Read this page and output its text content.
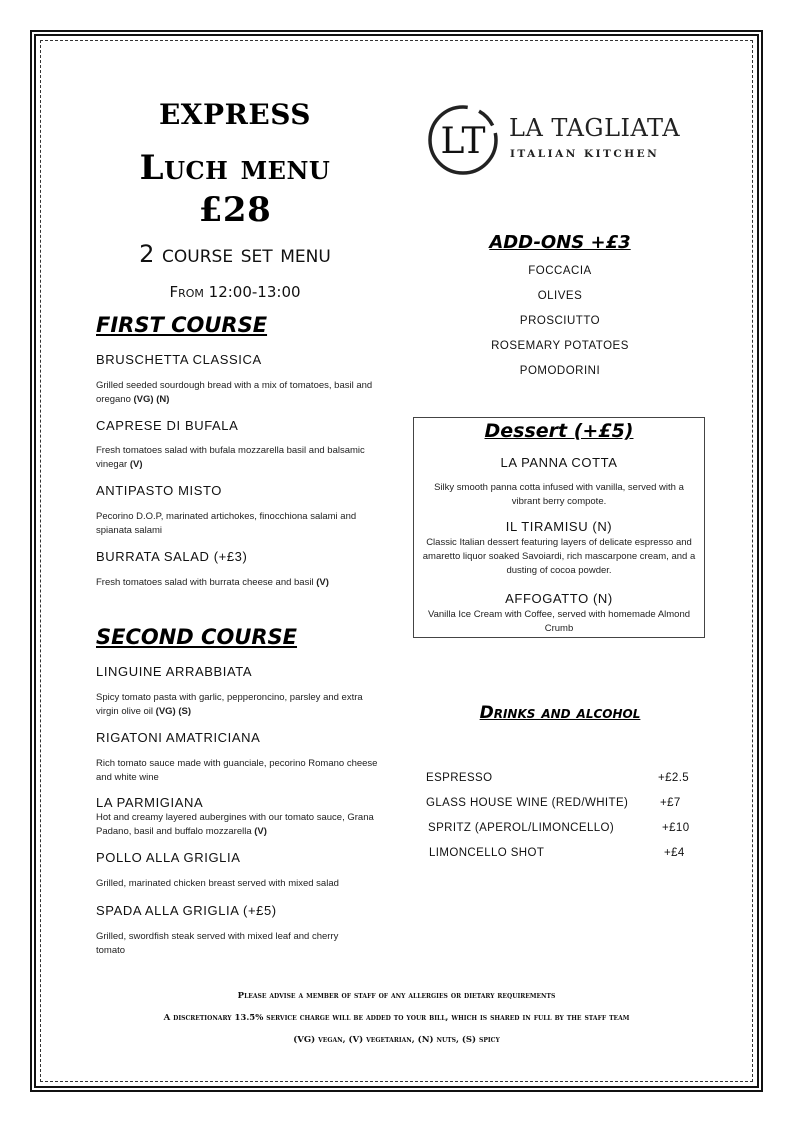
EXPRESS
Luch menu
£28
2 course set menu
From 12:00-13:00
LT LA TAGLIATA
ITALIAN KITCHEN
FIRST COURSE
BRUSCHETTA CLASSICA
Grilled seeded sourdough bread with a mix of tomatoes, basil and oregano (VG) (N)
CAPRESE DI BUFALA
Fresh tomatoes salad with bufala mozzarella basil and balsamic vinegar (V)
ANTIPASTO MISTO
Pecorino D.O.P, marinated artichokes, finocchiona salami and spianata salami
BURRATA SALAD (+£3)
Fresh tomatoes salad with burrata cheese and basil (V)
SECOND COURSE
LINGUINE ARRABBIATA
Spicy tomato pasta with garlic, pepperoncino, parsley and extra virgin olive oil (VG) (S)
RIGATONI AMATRICIANA
Rich tomato sauce made with guanciale, pecorino Romano cheese and white wine
LA PARMIGIANA
Hot and creamy layered aubergines with our tomato sauce, Grana Padano, basil and buffalo mozzarella (V)
POLLO ALLA GRIGLIA
Grilled, marinated chicken breast served with mixed salad
SPADA ALLA GRIGLIA (+£5)
Grilled, swordfish steak served with mixed leaf and cherry tomato
ADD-ONS +£3
FOCCACIA
OLIVES
PROSCIUTTO
ROSEMARY POTATOES
POMODORINI
Dessert (+£5)
LA PANNA COTTA
Silky smooth panna cotta infused with vanilla, served with a vibrant berry compote.
IL TIRAMISU (N)
Classic Italian dessert featuring layers of delicate espresso and amaretto liquor soaked Savoiardi, rich mascarpone cream, and a dusting of cocoa powder.
AFFOGATTO (N)
Vanilla Ice Cream with Coffee, served with homemade Almond Crumb
Drinks and alcohol
ESPRESSO	+£2.5
GLASS HOUSE WINE (RED/WHITE)	+£7
SPRITZ (APEROL/LIMONCELLO)	+£10
LIMONCELLO SHOT	+£4
Please advise a member of staff of any allergies or dietary requirements
A discretionary 13.5% service charge will be added to your bill, which is shared in full by the staff team
(VG) vegan, (V) vegetarian, (N) nuts, (S) spicy
